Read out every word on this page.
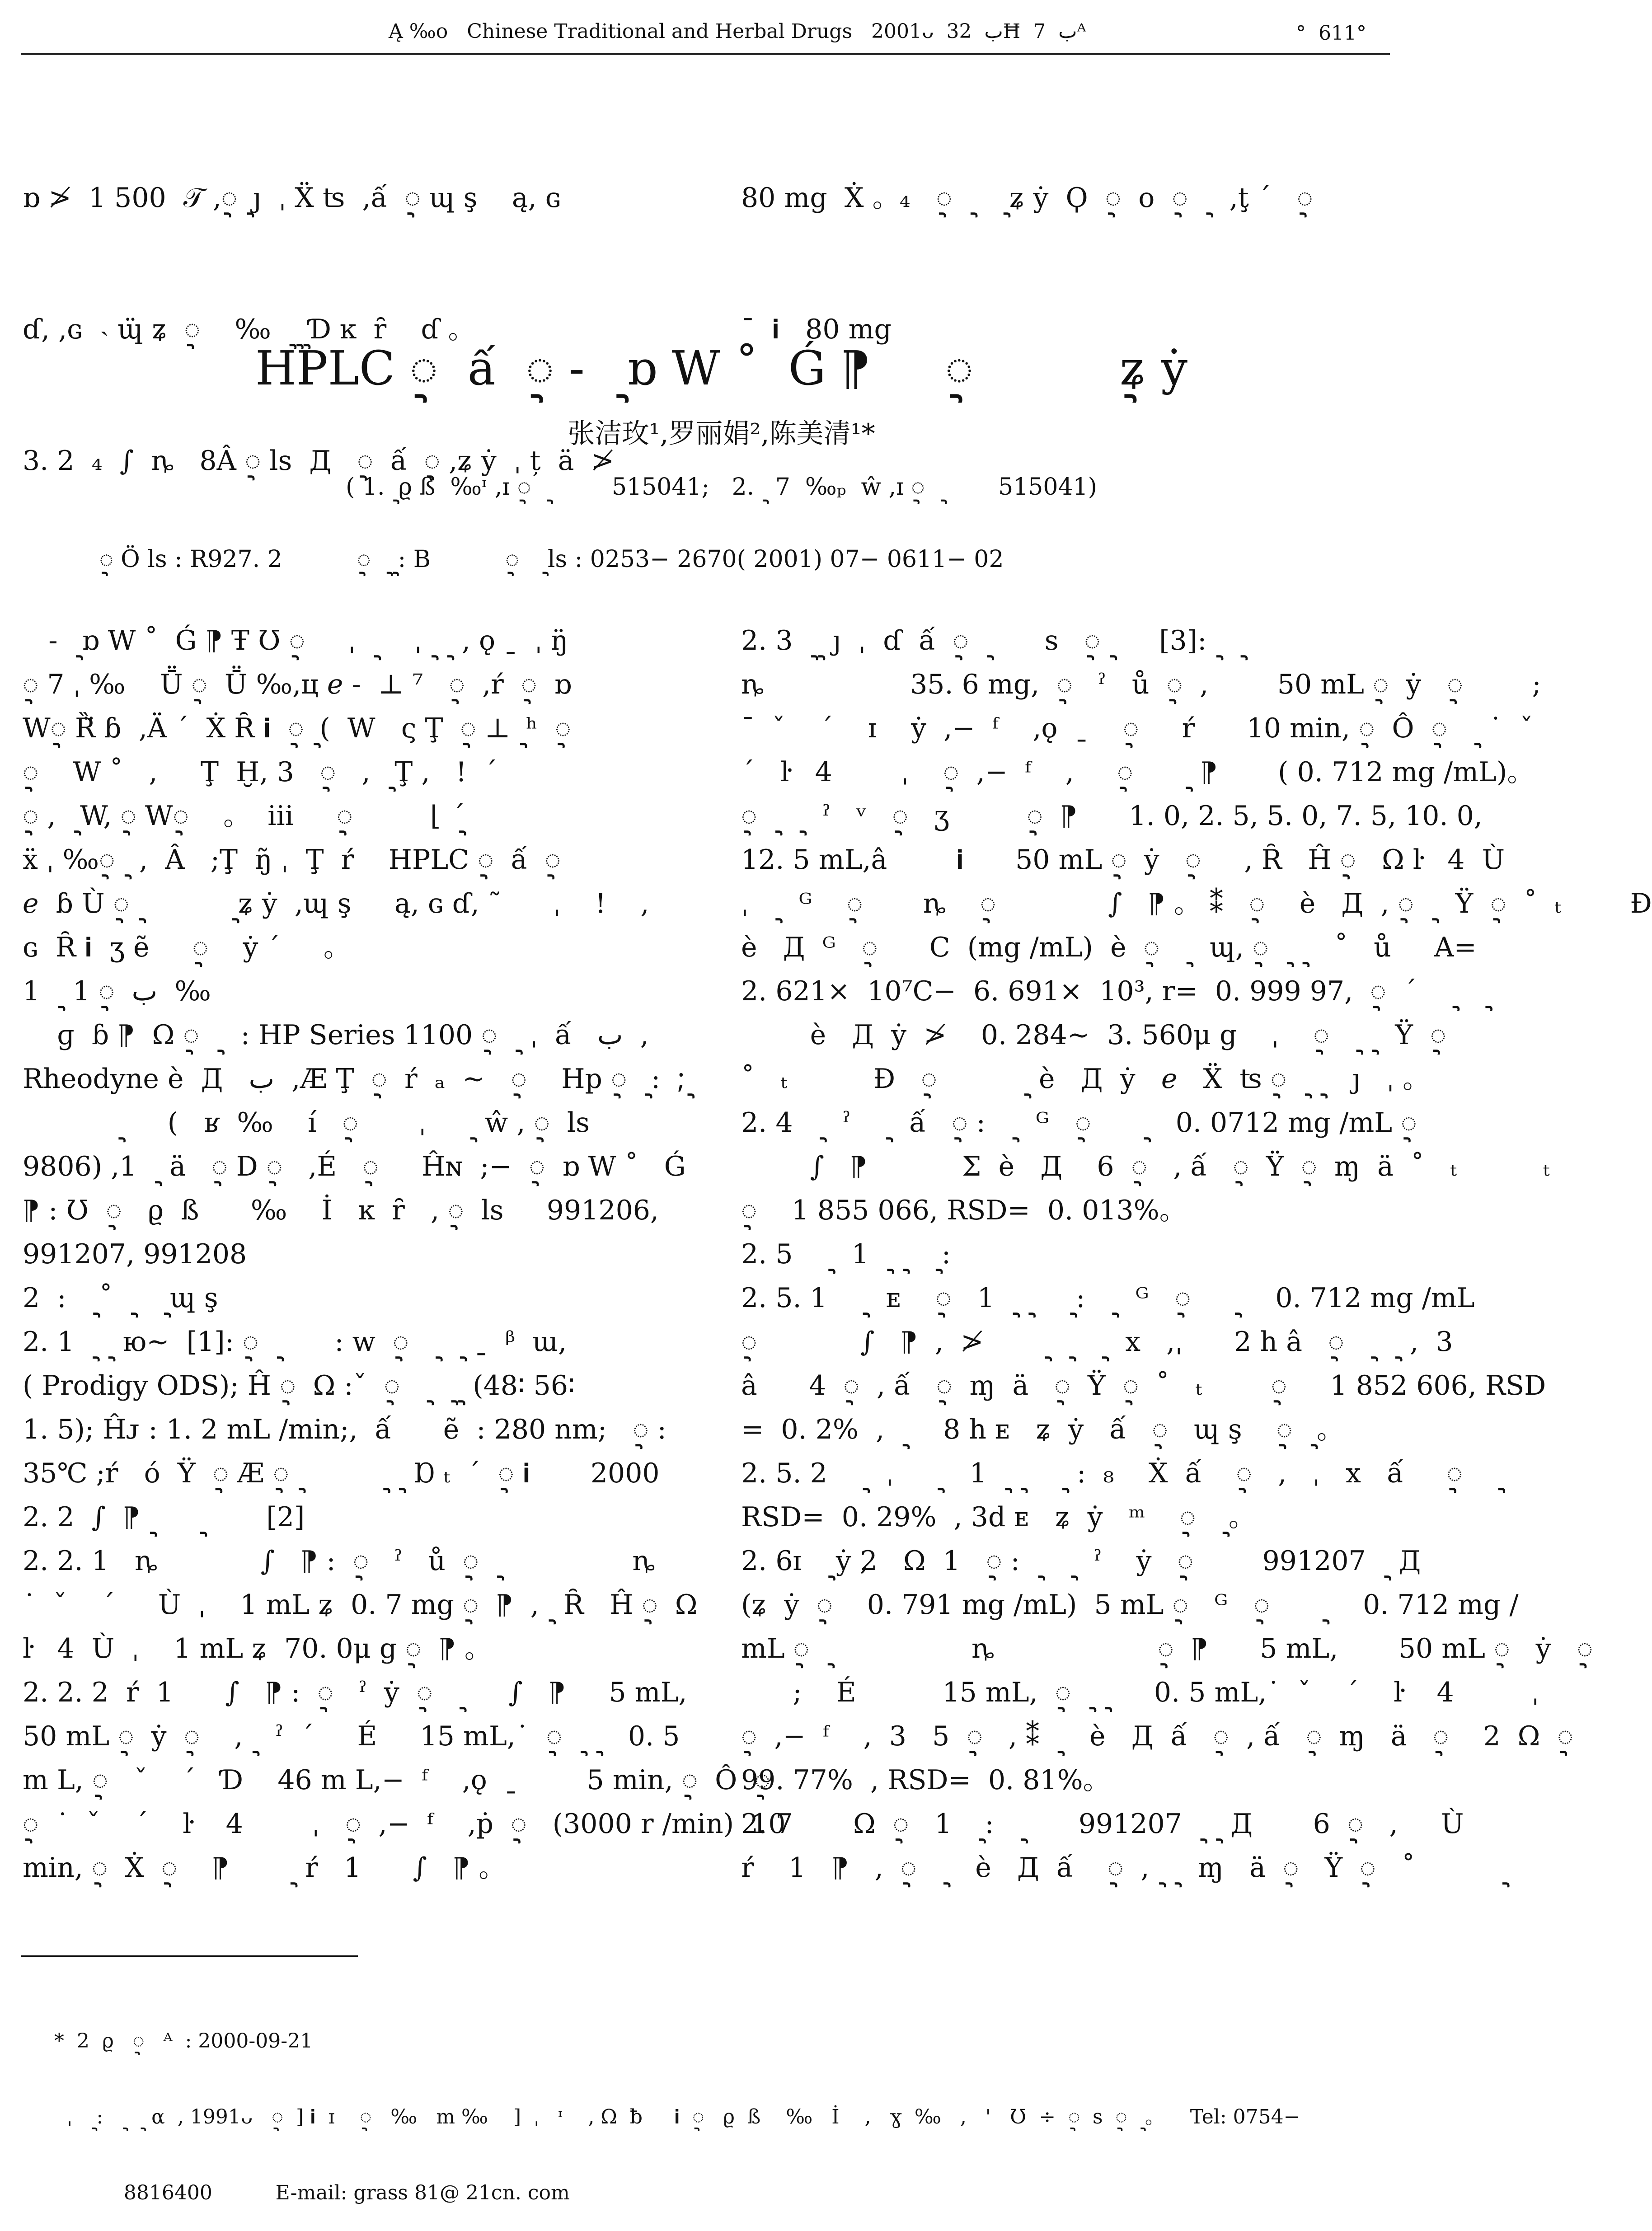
Ą ‰o   Chinese Traditional and Herbal Drugs   2001ᴗ  ب  32Ħ  ب  7ᴬ	°  611°

ɒ ≯  1 500  𝒯 ,ᢩ ᢩ ȷ  ˌ Ẍ ʦ  ,ấ  ᢩᢩ ɰ ş    ą, ɢ

ɗ, ,ɢ  ˴ ɰ̈ ʑ  ᢩ    ‰  ᢩ ᢩ ᢩ Ɗ ĸ  ȓ    ɗ 。

3. 2  ₄  ∫  ȵ   8Â ᢩ ls  Д   ᢩ  ấ  ᢩ ,ʑ ẏ  ˌ ț  ä  ≯

80 mg  Ẋ 。₄   ᢩ  ᢩ    ᢩ ʑ ẏ  Ϙ  ᢩ  o  ᢩ  ᢩ   ,ţ ´   ᢩ

ˉ  𝐢   80 mg

HPLC ᢩ  ấ  ᢩ -  ᢩ ɒ W ˚  Ǵ ⁋     ᢩ          ᢩʑ ẏ
张洁玫¹,罗丽娟²,陈美清¹*
( 1. ᢩ ϱ ß  ‰ᶦ ,ɪ ᢩ  ᢩ         515041;   2. ᢩ  7  ‰ₚ  ŵ ,ɪ ᢩ  ᢩ        515041)
ᢩ Ö ls : R927. 2          ᢩ  ᢩ ᢩ : B          ᢩ   ᢩ ls : 0253− 2670( 2001) 07− 0611− 02
-  ᢩ ɒ W ˚  Ǵ ⁋ Ŧ Ʊ ᢩ     ˌ  ᢩ     ˌ ᢩ  ᢩ  , ǫ ˍ  ˌ ŋ̈
ᢩ 7 ˌ ‰    Ṻ ᢩ  Ṻ ‰,ц 𝑒 -  ⊥ ⁷   ᢩ  ,ŕ  ᢩ  ɒ
Wᢩ Ȑ̈ ɓ  ,Ä ´  Ẋ Ȓ 𝐢  ᢩ ᢩ (  W   ς Ţ  ᢩ ⊥ ᢩ ʰ  ᢩ
ᢩ    W ˚   ,     Ţ  Ḫ, 3   ᢩ   ,  ᢩ Ţ ,   !  ´
ᢩ ,  ᢩ W, ᢩ Wᢩ    。  ⅲ     ᢩ         ⌊  ᢩ ́
ẍ ˌ ‰ᢩ ᢩ  ,  Â   ;Ţ  ŋ̃ ˌ  Ţ  ŕ    HPLC ᢩ  ấ  ᢩ
𝑒  ɓ Ù ᢩ ᢩ           ᢩ ʑ ẏ  ,ɰ ş     ą, ɢ ɗ, ˜      ˌ    !    ,
ɢ  Ȓ 𝐢  ʒ ẽ     ᢩ    ẏ ´     。
1  ᢩ  ب  ᢩ 1  ‰
ɡ  ɓ ⁋  Ω ᢩ  ᢩ   : HP Series 1100 ᢩ  ᢩ  ˌ  ấ   ب  ,
Rheodyne è  Д   ب  ,Æ Ţ  ᢩ  ŕ  ₐ  ~   ᢩ    Hp ᢩ  ᢩ :  ;ᢩ
ᢩ      (   ʁ  ‰    í   ᢩ       ˌ     ᢩ  ŵ , ᢩ  ls
9806) ,1  ᢩ  ä   ᢩ D ᢩ   ,É   ᢩ     Ĥɴ  ;−  ᢩ  ɒ W ˚   Ǵ
⁋ : Ʊ  ᢩ   ϱ  ß      ‰    İ   ĸ  ȓ   , ᢩ  ls     991206,
991207, 991208
2  :   ᢩ ˚  ᢩ    ᢩ ɰ ş
2. 1  ᢩ  ᢩ  ю~  [1]: ᢩ  ᢩ       : w  ᢩ   ᢩ   ᢩ  ˍ  ᵝ  ɯ,
( Prodigy ODS); Ĥ ᢩ  Ω :ˇ  ᢩ   ᢩ   ᢩ ᢩ  (48∶ 56∶
1. 5); Ĥᴊ : 1. 2 mL /min;,  ấ      ẽ  : 280 nm;   ᢩ :
35℃ ;ŕ   ó  Ÿ  ᢩ Æ ᢩ ᢩ          ᢩ  ᢩ  Ɒ ₜ  ´  ᢩ 𝐢       2000
2. 2  ∫  ⁋ ᢩ      ᢩ        [2]
2. 2. 1   ȵ            ∫   ⁋ :  ᢩ   ˀ   ů  ᢩ  ᢩ                ȵ                ɪ    ẏ ,
˙  ˇ    ´     Ù  ˌ    1 mL ʑ  0. 7 mg ᢩ  ⁋  , ᢩ  Ȓ   Ĥ ᢩ  Ω
ŀ   4  Ù  ˌ    1 mL ʑ  70. 0μ g ᢩ  ⁋ 。
2. 2. 2  ŕ  1      ∫   ⁋ :  ᢩ   ˀ  ẏ  ᢩ   ᢩ      ∫   ⁋     5 mL,
50 mL ᢩ  ẏ  ᢩ    , ᢩ   ˀ  ´     É     15 mL,˙  ᢩ  ᢩ  ᢩ    0. 5
m L, ᢩ   ˇ    ´   Ɗ    46 m L,−  ᶠ    ,ǫ  ˍ        5 min, ᢩ  Ô  ᢩ
ᢩ  ˙  ˇ    ´    ŀ    4        ˌ   ᢩ  ,−  ᶠ    ,ṗ  ᢩ   (3000 r /min)  10
min, ᢩ  Ẋ  ᢩ    ⁋       ᢩ  ŕ   1      ∫   ⁋ 。
2. 3  ᢩ ᢩ  ȷ  ˌ  ɗ  ấ  ᢩ  ᢩ       s   ᢩ ᢩ      [3]: ᢩ   ᢩ
ȵ                 35. 6 mg,  ᢩ   ˀ   ů  ᢩ  ,        50 mL ᢩ  ẏ   ᢩ        ;
ˉ  ˇ    ´    ɪ    ẏ  ,−  ᶠ    ,ǫ  ˍ    ᢩ     ŕ      10 min, ᢩ  Ô  ᢩ   ᢩ  ˙  ˇ
´   ŀ   4        ˌ    ᢩ  ,−  ᶠ    ,     ᢩ      ᢩ  ⁋       ( 0. 712 mg /mL)。
ᢩ  ᢩ   ᢩ   ˀ   ᵛ   ᢩ   ʒ         ᢩ  ⁋      1. 0, 2. 5, 5. 0, 7. 5, 10. 0,
12. 5 mL,â        𝐢      50 mL ᢩ  ẏ   ᢩ     , Ȓ   Ĥ ᢩ   Ω ŀ   4  Ù
ˌ   ᢩ   ᴳ    ᢩ       ȵ    ᢩ             ∫   ⁋ 。 ⁑   ᢩ    è   Д  , ᢩ  ᢩ   Ÿ  ᢩ  ˚  ₜ        Ɖ
è   Д  ᴳ   ᢩ      C  (mg /mL)  è  ᢩ   ᢩ   ɰ, ᢩ  ᢩ  ᢩ    ˚   ů     A=
2. 621×  10⁷C−  6. 691×  10³, r=  0. 999 97,  ᢩ  ´    ᢩ    ᢩ
è   Д  ẏ  ≯    0. 284∼  3. 560μ g    ˌ    ᢩ   ᢩ  ᢩ   Ÿ  ᢩ
˚   ₜ          Ɖ   ᢩ          ᢩ  è   Д  ẏ   𝑒   Ẍ  ʦ ᢩ  ᢩ  ᢩ    ȷ   ˌ 。
2. 4   ᢩ   ˀ    ᢩ   ấ   ᢩ :   ᢩ   ᴳ   ᢩ      ᢩ    0. 0712 mg /mL ᢩ
∫   ⁋           Σ  è   Д    6  ᢩ   , ấ   ᢩ  Ÿ  ᢩ  ɱ  ä  ˚   ₜ          ₜ
ᢩ    1 855 066, RSD=  0. 013%。
2. 5    ᢩ   1  ᢩ  ᢩ    ᢩ :
2. 5. 1    ᢩ   ᴇ    ᢩ   1  ᢩ  ᢩ     ᢩ :   ᢩ   ᴳ   ᢩ     ᢩ     0. 712 mg /mL
ᢩ            ∫   ⁋  ,  ≯       ᢩ   ᢩ    ᢩ   x   ,ˌ      2 h â   ᢩ   ᢩ   ᢩ  ,  3
â      4  ᢩ  , ấ   ᢩ  ɱ  ä   ᢩ  Ÿ  ᢩ  ˚   ₜ        ᢩ     1 852 606, RSD
=  0. 2%  ,  ᢩ     8 h ᴇ   ʑ  ẏ   ấ   ᢩ   ɰ ş    ᢩ  ᢩ 。
2. 5. 2    ᢩ   ˌ     ᢩ    1  ᢩ  ᢩ     ᢩ  :  ₈    Ẋ  ấ    ᢩ   ,   ˌ   x   ấ     ᢩ    ᢩ
RSD=  0. 29%  , 3d ᴇ   ʑ  ẏ   ᵐ    ᢩ   ᢩ 。
2. 6    ᢩ    2   Ω  1   ᢩ :  ᢩ    ᢩ   ˀ    ẏ   ᢩ        991207  ᢩ  Д
(ʑ  ẏ  ᢩ    0. 791 mg /mL)  5 mL ᢩ   ᴳ   ᢩ      ᢩ     0. 712 mg /
mL ᢩ  ᢩ                 ȵ                   ᢩ  ⁋      5 mL,       50 mL ᢩ   ẏ   ᢩ
;    É          15 mL,  ᢩ  ᢩ  ᢩ      0. 5 mL,˙  ˇ    ´    ŀ    4         ˌ
ᢩ  ,−  ᶠ    ,  3   5  ᢩ   , ⁑  ᢩ    è   Д  ấ   ᢩ  , ấ   ᢩ  ɱ   ä   ᢩ    2  Ω  ᢩ
99. 77%  , RSD=  0. 81%。
2. 7       Ω  ᢩ   1   ᢩ :   ᢩ       991207  ᢩ  ᢩ  Д       6  ᢩ   ,     Ù
ŕ    1   ⁋   ,  ᢩ   ᢩ    è   Д  ấ    ᢩ  , ᢩ  ᢩ   ɱ   ä  ᢩ   Ÿ  ᢩ   ˚          ᢩ

*  2  ϱ   ᢩ   ᴬ  : 2000-09-21

ˌ   ᢩ :   ᢩ   ᢩ  α  , 1991ᴗ   ᢩ  ] 𝐢  ɪ    ᢩ   ‰   m ‰    ]  ˌ   ᶦ    , Ω  ƀ     𝐢  ᢩ   ϱ  ß    ‰   İ    ,   ɣ  ‰   ,   '   Ʊ  ÷  ᢩ  s  ᢩ  ᢩ 。    Tel: 0754−

8816400          E-mail: grass 81@ 21cn. com
